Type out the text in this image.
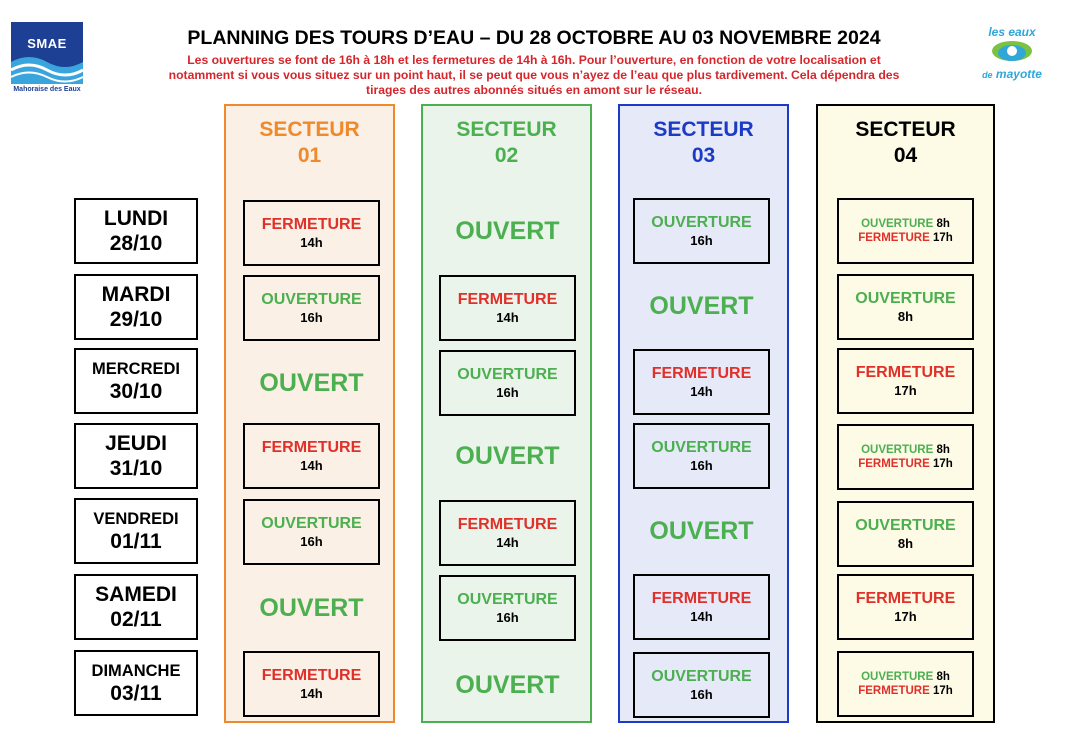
SMAE
Mahoraise des Eaux
les eaux
de mayotte
PLANNING DES TOURS D’EAU – DU 28 OCTOBRE AU 03 NOVEMBRE 2024
Les ouvertures se font de 16h à 18h et les fermetures de 14h à 16h. Pour l’ouverture, en fonction de votre localisation et
notamment si vous vous situez sur un point haut, il se peut que vous n’ayez de l’eau que plus tardivement. Cela dépendra des
tirages des autres abonnés situés en amont sur le réseau.
SECTEUR
01
SECTEUR
02
SECTEUR
03
SECTEUR
04
LUNDI
28/10
MARDI
29/10
MERCREDI
30/10
JEUDI
31/10
VENDREDI
01/11
SAMEDI
02/11
DIMANCHE
03/11
FERMETURE
14h
OUVERTURE
16h
OUVERT
FERMETURE
14h
OUVERTURE
16h
OUVERT
FERMETURE
14h
OUVERT
FERMETURE
14h
OUVERTURE
16h
OUVERT
FERMETURE
14h
OUVERTURE
16h
OUVERT
OUVERTURE
16h
OUVERT
FERMETURE
14h
OUVERTURE
16h
OUVERT
FERMETURE
14h
OUVERTURE
16h
OUVERTURE 8h
FERMETURE 17h
OUVERTURE
8h
FERMETURE
17h
OUVERTURE 8h
FERMETURE 17h
OUVERTURE
8h
FERMETURE
17h
OUVERTURE 8h
FERMETURE 17h
